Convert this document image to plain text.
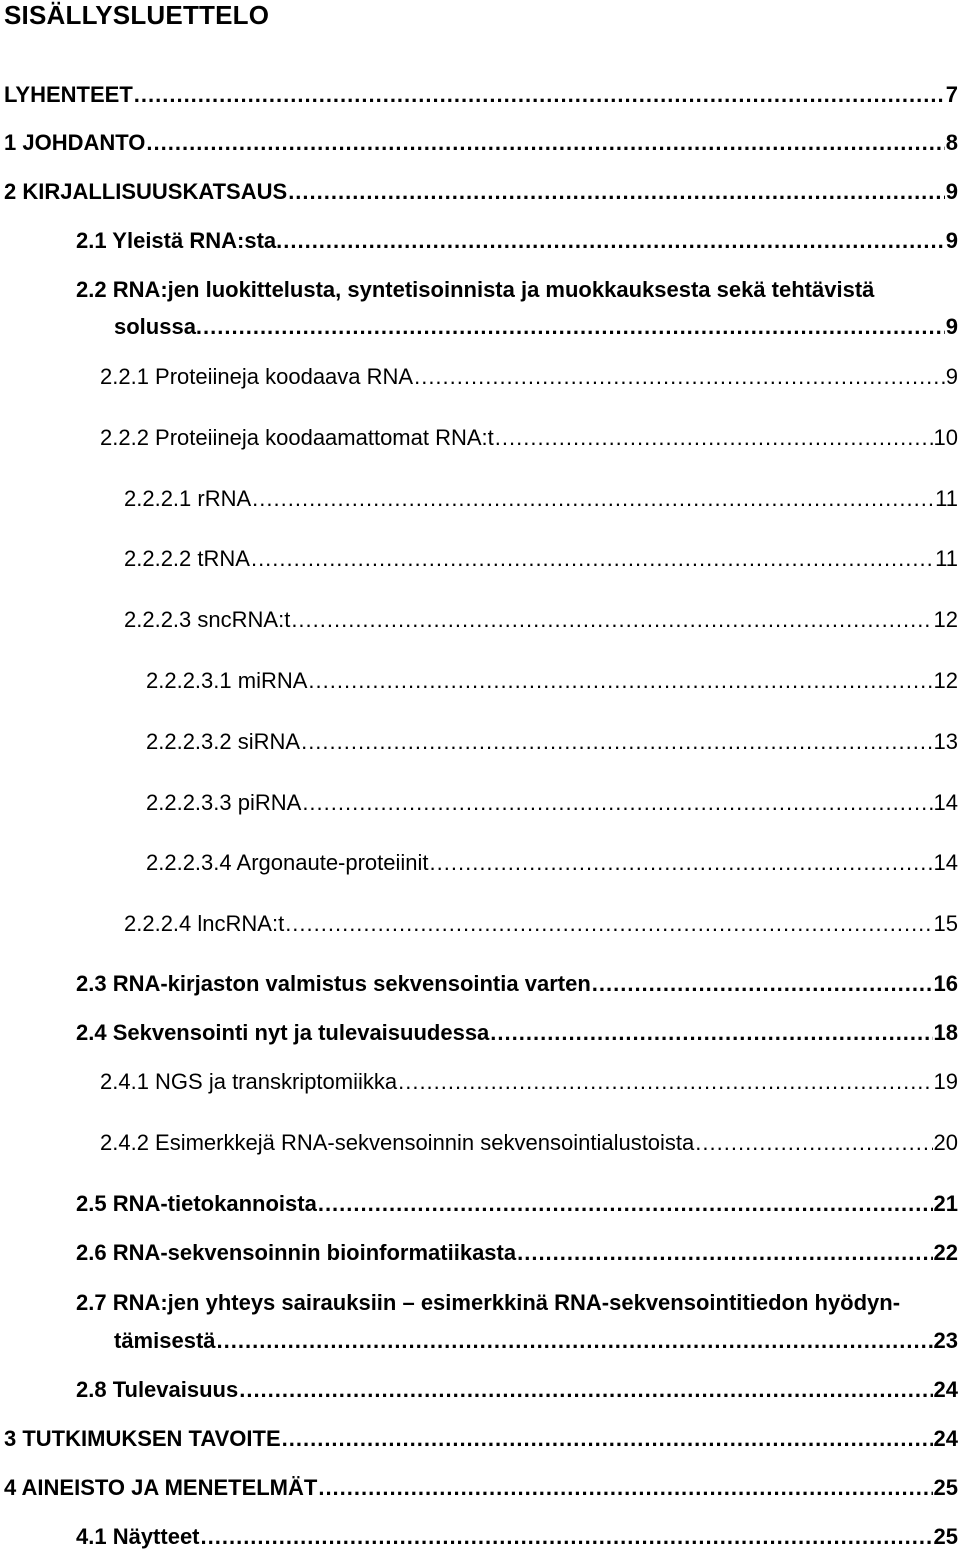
SISÄLLYSLUETTELO
LYHENTEET .....	7
1 JOHDANTO .....	8
2 KIRJALLISUUSKATSAUS .....	9
2.1 Yleistä RNA:sta. .....	9
2.2 RNA:jen luokittelusta, syntetisoinnista ja muokkauksesta sekä tehtävistä
solussa. .....	9
2.2.1 Proteiineja koodaava RNA .....	9
2.2.2 Proteiineja koodaamattomat RNA:t .....	10
2.2.2.1 rRNA .....	11
2.2.2.2 tRNA .....	11
2.2.2.3 sncRNA:t .....	12
2.2.2.3.1 miRNA .....	12
2.2.2.3.2 siRNA .....	13
2.2.2.3.3 piRNA .....	14
2.2.2.3.4 Argonaute-proteiinit .....	14
2.2.2.4 lncRNA:t .....	15
2.3 RNA-kirjaston valmistus sekvensointia varten .....	16
2.4 Sekvensointi nyt ja tulevaisuudessa .....	18
2.4.1 NGS ja transkriptomiikka .....	19
2.4.2 Esimerkkejä RNA-sekvensoinnin sekvensointialustoista .....	20
2.5 RNA-tietokannoista .....	21
2.6 RNA-sekvensoinnin bioinformatiikasta .....	22
2.7 RNA:jen yhteys sairauksiin – esimerkkinä RNA-sekvensointitiedon hyödyn-
tämisestä .....	23
2.8 Tulevaisuus .....	24
3 TUTKIMUKSEN TAVOITE .....	24
4 AINEISTO JA MENETELMÄT .....	25
4.1 Näytteet .....	25
